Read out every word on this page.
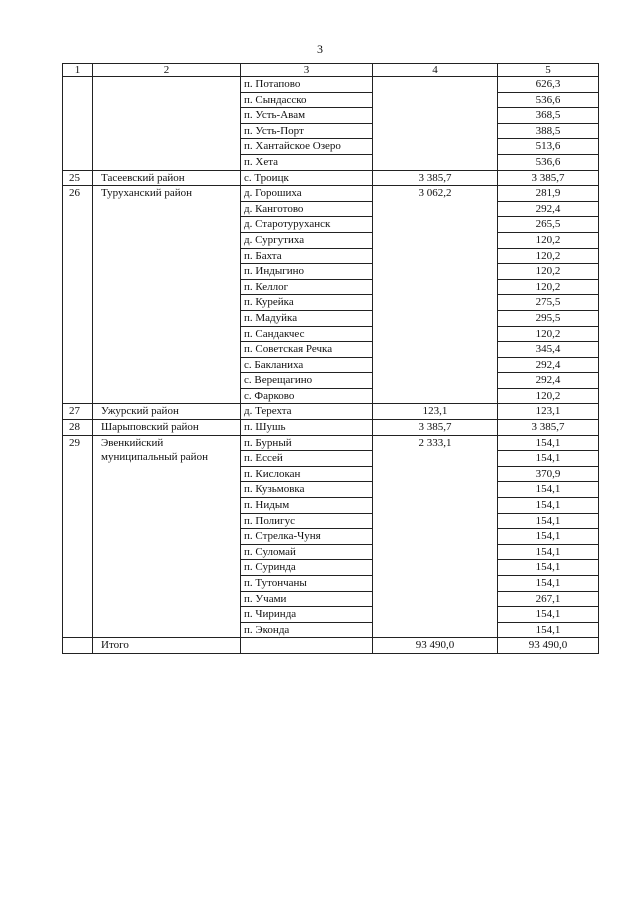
3
1	2	3	4	5
		п. Потапово		626,3
		п. Сындасско		536,6
		п. Усть-Авам		368,5
		п. Усть-Порт		388,5
		п. Хантайское Озеро		513,6
		п. Хета		536,6
25	Тасеевский район	с. Троицк	3 385,7	3 385,7
26	Туруханский район	д. Горошиха	3 062,2	281,9
		д. Канготово		292,4
		д. Старотуруханск		265,5
		д. Сургутиха		120,2
		п. Бахта		120,2
		п. Индыгино		120,2
		п. Келлог		120,2
		п. Курейка		275,5
		п. Мадуйка		295,5
		п. Сандакчес		120,2
		п. Советская Речка		345,4
		с. Бакланиха		292,4
		с. Верещагино		292,4
		с. Фарково		120,2
27	Ужурский район	д. Терехта	123,1	123,1
28	Шарыповский район	п. Шушь	3 385,7	3 385,7
29	Эвенкийский муниципальный район	п. Бурный	2 333,1	154,1
		п. Ессей		154,1
		п. Кислокан		370,9
		п. Кузьмовка		154,1
		п. Нидым		154,1
		п. Полигус		154,1
		п. Стрелка-Чуня		154,1
		п. Суломай		154,1
		п. Суринда		154,1
		п. Тутончаны		154,1
		п. Учами		267,1
		п. Чиринда		154,1
		п. Эконда		154,1
	Итого		93 490,0	93 490,0
